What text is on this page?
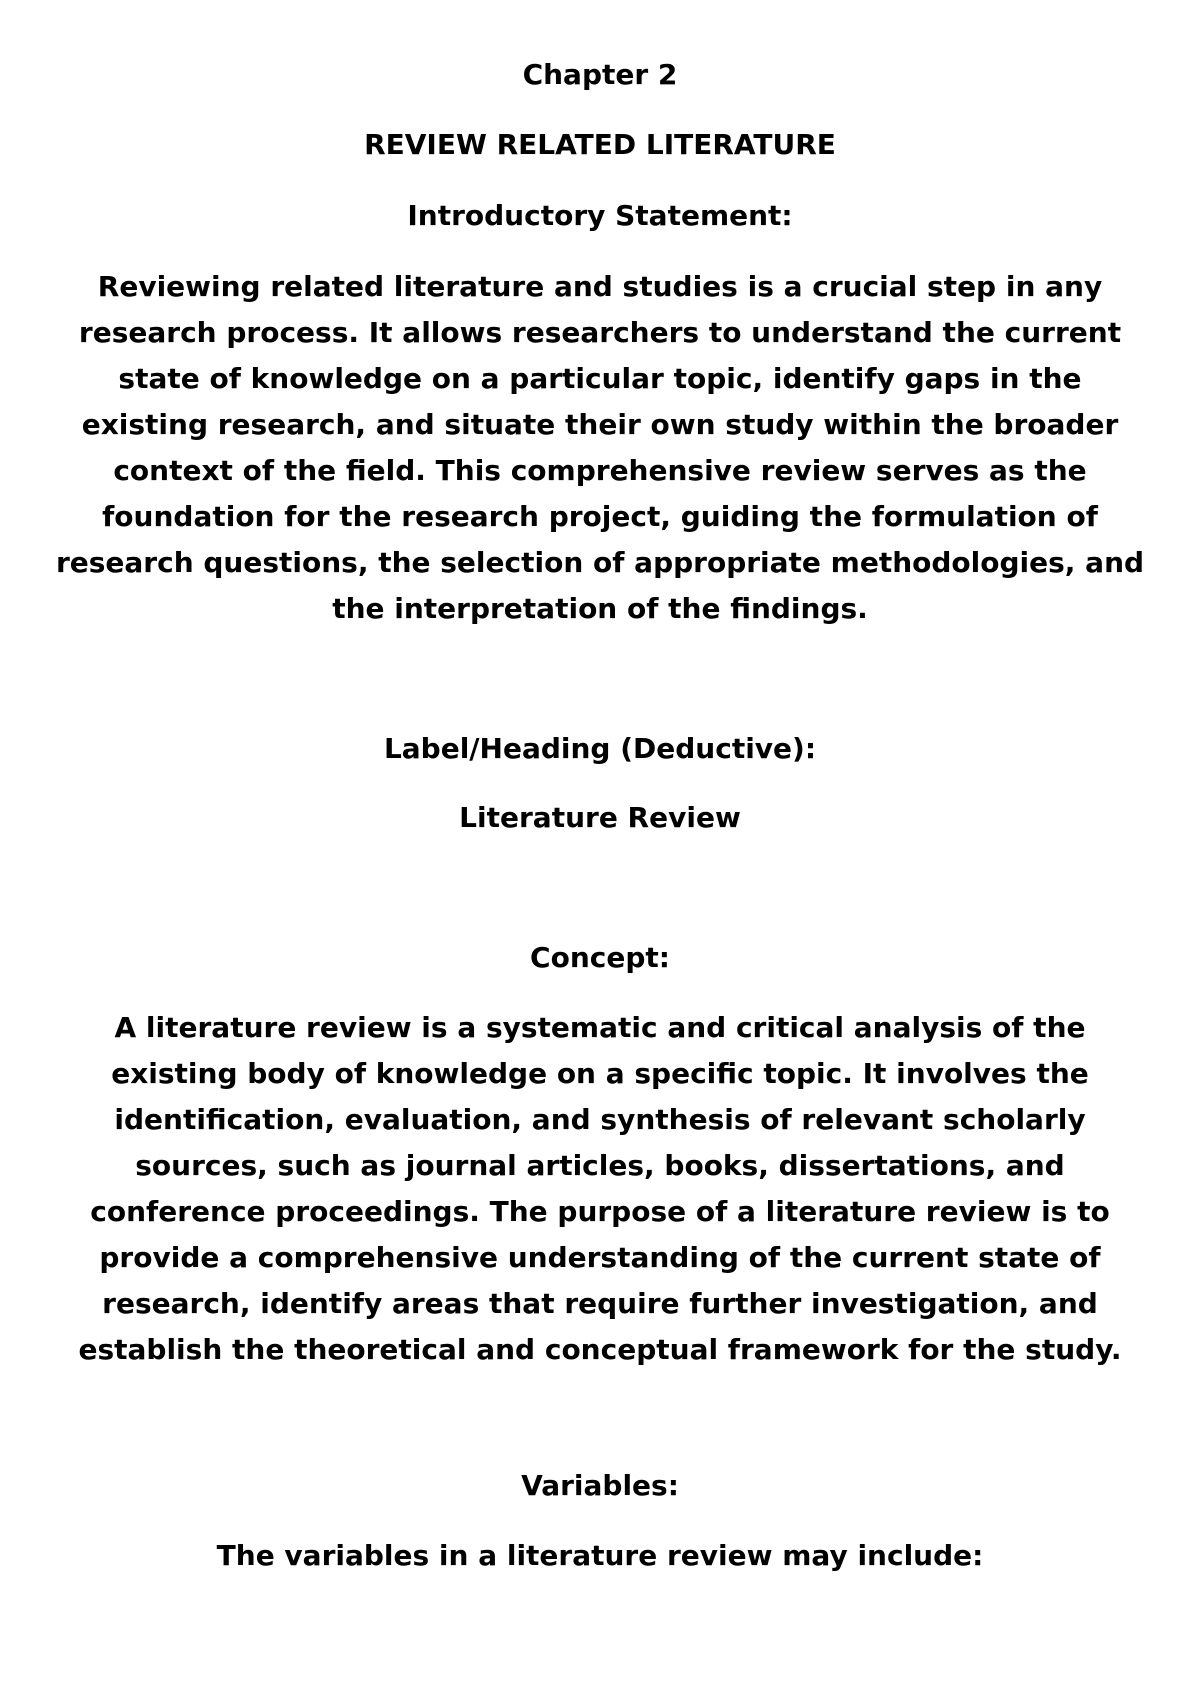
Chapter 2
REVIEW RELATED LITERATURE
Introductory Statement:
Reviewing related literature and studies is a crucial step in any research process. It allows researchers to understand the current state of knowledge on a particular topic, identify gaps in the existing research, and situate their own study within the broader context of the field. This comprehensive review serves as the foundation for the research project, guiding the formulation of research questions, the selection of appropriate methodologies, and the interpretation of the findings.
Label/Heading (Deductive):
Literature Review
Concept:
A literature review is a systematic and critical analysis of the existing body of knowledge on a specific topic. It involves the identification, evaluation, and synthesis of relevant scholarly sources, such as journal articles, books, dissertations, and conference proceedings. The purpose of a literature review is to provide a comprehensive understanding of the current state of research, identify areas that require further investigation, and establish the theoretical and conceptual framework for the study.
Variables:
The variables in a literature review may include:
